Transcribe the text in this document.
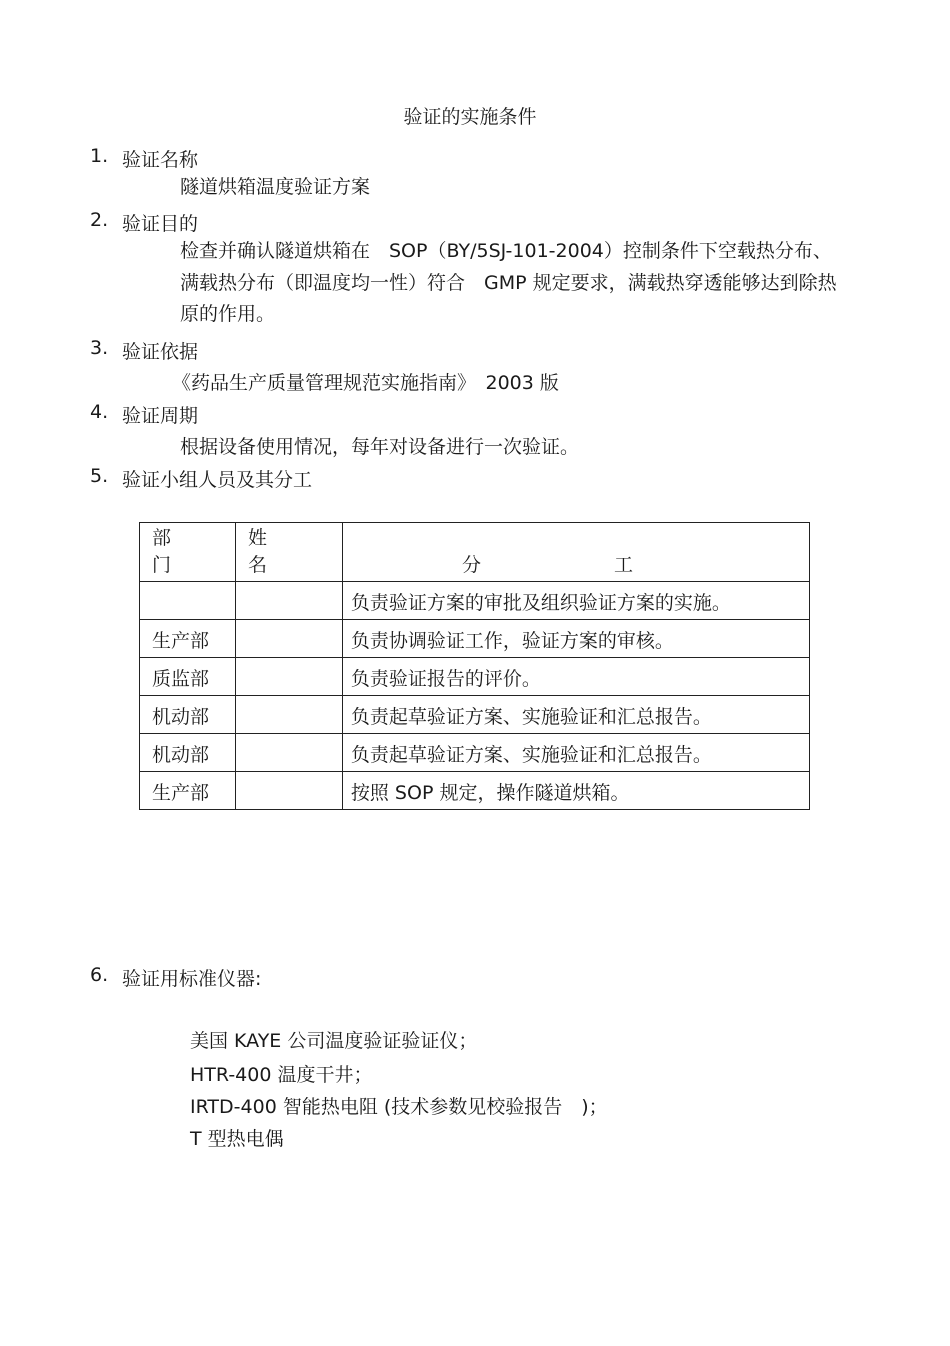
验证的实施条件
1. 验证名称
隧道烘箱温度验证方案
2. 验证目的
检查并确认隧道烘箱在　SOP（BY/5SJ-101-2004）控制条件下空载热分布、满载热分布（即温度均一性）符合　GMP 规定要求，满载热穿透能够达到除热原的作用。
3. 验证依据
《药品生产质量管理规范实施指南》　2003 版
4. 验证周期
根据设备使用情况，每年对设备进行一次验证。
5. 验证小组人员及其分工
部　门	姓　名	分　工
		负责验证方案的审批及组织验证方案的实施。
生产部		负责协调验证工作，验证方案的审核。
质监部		负责验证报告的评价。
机动部		负责起草验证方案、实施验证和汇总报告。
机动部		负责起草验证方案、实施验证和汇总报告。
生产部		按照 SOP 规定，操作隧道烘箱。
6. 验证用标准仪器:
美国 KAYE 公司温度验证验证仪；
HTR-400 温度干井；
IRTD-400 智能热电阻 (技术参数见校验报告　)；
T 型热电偶
